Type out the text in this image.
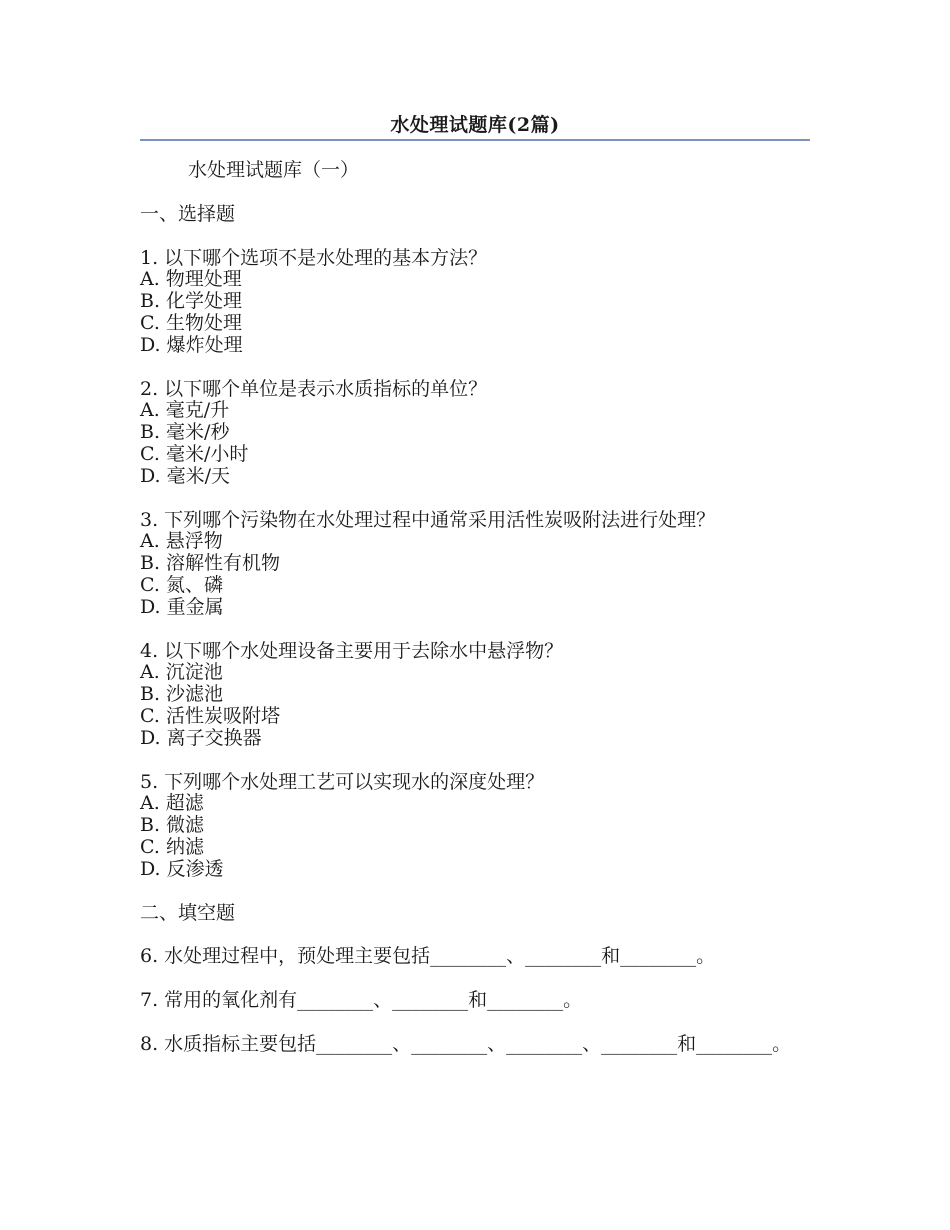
水处理试题库(2篇)
水处理试题库（一）
一、选择题
1. 以下哪个选项不是水处理的基本方法？
A. 物理处理
B. 化学处理
C. 生物处理
D. 爆炸处理
2. 以下哪个单位是表示水质指标的单位？
A. 毫克/升
B. 毫米/秒
C. 毫米/小时
D. 毫米/天
3. 下列哪个污染物在水处理过程中通常采用活性炭吸附法进行处理？
A. 悬浮物
B. 溶解性有机物
C. 氮、磷
D. 重金属
4. 以下哪个水处理设备主要用于去除水中悬浮物？
A. 沉淀池
B. 沙滤池
C. 活性炭吸附塔
D. 离子交换器
5. 下列哪个水处理工艺可以实现水的深度处理？
A. 超滤
B. 微滤
C. 纳滤
D. 反渗透
二、填空题
6. 水处理过程中，预处理主要包括________、________和________。
7. 常用的氧化剂有________、________和________。
8. 水质指标主要包括________、________、________、________和________。
